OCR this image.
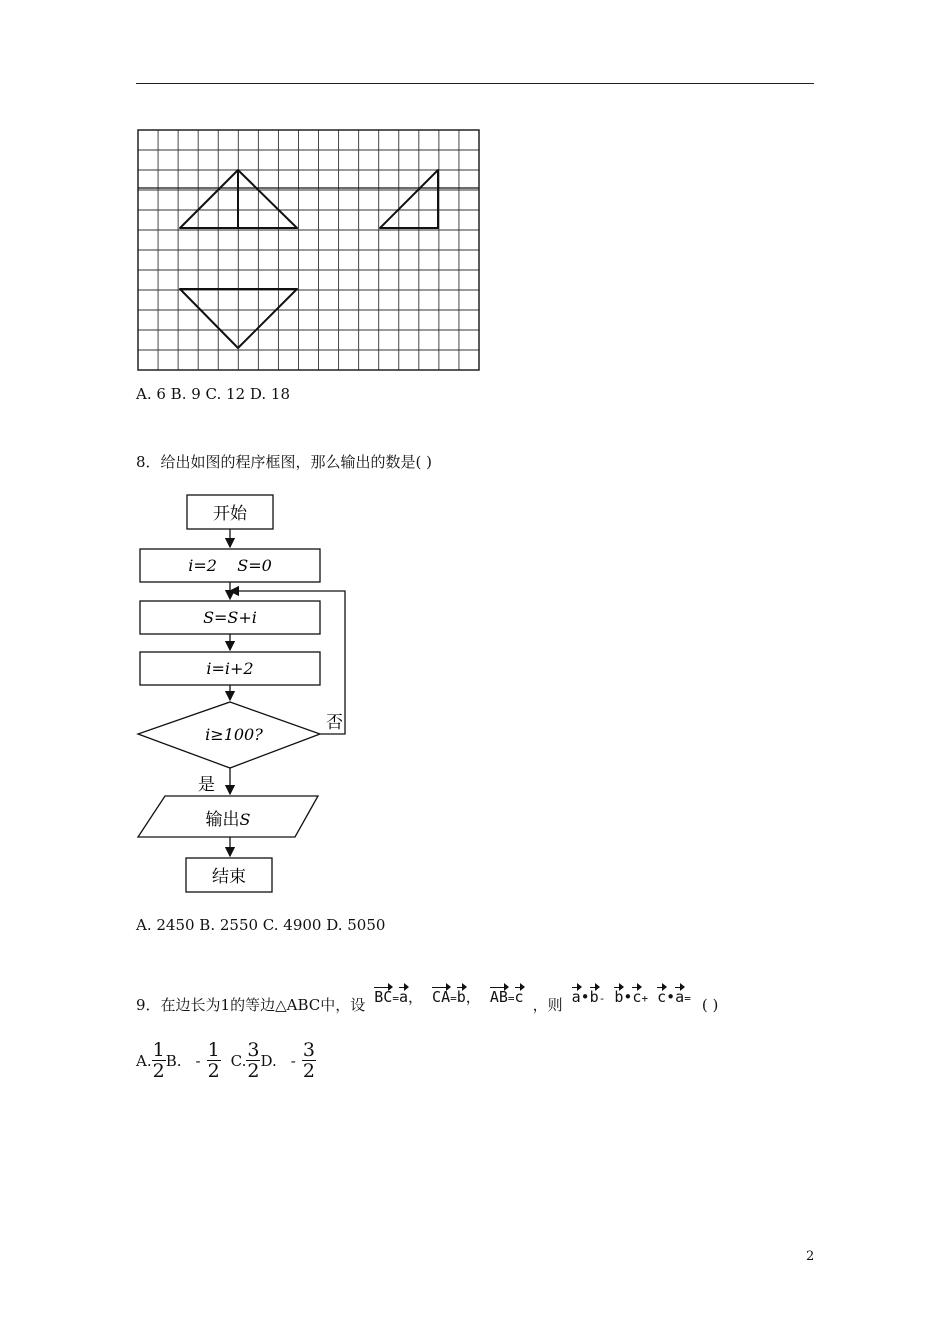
A. 6 B. 9 C. 12 D. 18
8．给出如图的程序框图，那么输出的数是( )
开始
i=2    S=0
S=S+i
i=i+2
i≥100?
否
是
输出S
结束
A. 2450 B. 2550 C. 4900 D. 5050
9．在边长为1的等边△ABC中，设 BC=a， CA=b， AB=c ，则 a•b- b•c+ c•a= ( )
A. $\frac{1}{2} B$. - $\frac{1}{2} C$. $\frac{3}{2} D$. - $\frac{3}{2}$
2
